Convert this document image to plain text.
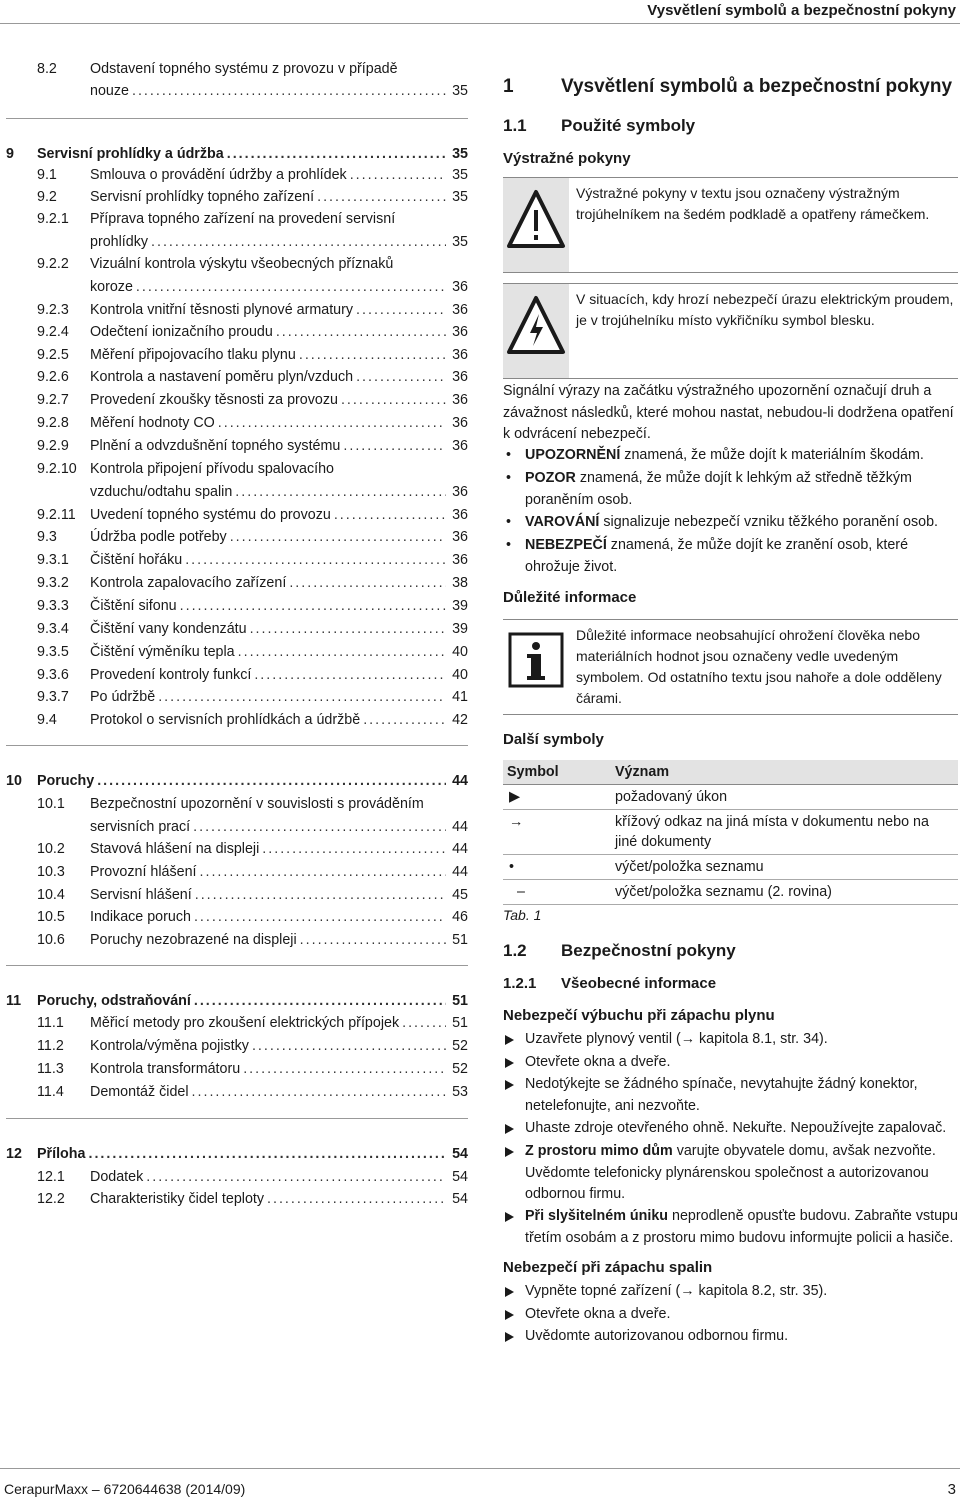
Vysvětlení symbolů a bezpečnostní pokyny
8.2 Odstavení topného systému z provozu v případě
nouze .....	35
9 Servisní prohlídky a údržba .....	35
9.1 Smlouva o provádění údržby a prohlídek .....	35
9.2 Servisní prohlídky topného zařízení .....	35
9.2.1 Příprava topného zařízení na provedení servisní
prohlídky .....	35
9.2.2 Vizuální kontrola výskytu všeobecných příznaků
koroze .....	36
9.2.3 Kontrola vnitřní těsnosti plynové armatury .....	36
9.2.4 Odečtení ionizačního proudu .....	36
9.2.5 Měření připojovacího tlaku plynu .....	36
9.2.6 Kontrola a nastavení poměru plyn/vzduch .....	36
9.2.7 Provedení zkoušky těsnosti za provozu .....	36
9.2.8 Měření hodnoty CO .....	36
9.2.9 Plnění a odvzdušnění topného systému .....	36
9.2.10 Kontrola připojení přívodu spalovacího
vzduchu/odtahu spalin .....	36
9.2.11 Uvedení topného systému do provozu .....	36
9.3 Údržba podle potřeby .....	36
9.3.1 Čištění hořáku .....	36
9.3.2 Kontrola zapalovacího zařízení .....	38
9.3.3 Čištění sifonu .....	39
9.3.4 Čištění vany kondenzátu .....	39
9.3.5 Čištění výměníku tepla .....	40
9.3.6 Provedení kontroly funkcí .....	40
9.3.7 Po údržbě .....	41
9.4 Protokol o servisních prohlídkách a údržbě .....	42
10 Poruchy .....	44
10.1 Bezpečnostní upozornění v souvislosti s prováděním
servisních prací .....	44
10.2 Stavová hlášení na displeji .....	44
10.3 Provozní hlášení .....	44
10.4 Servisní hlášení .....	45
10.5 Indikace poruch .....	46
10.6 Poruchy nezobrazené na displeji .....	51
11 Poruchy, odstraňování .....	51
11.1 Měřicí metody pro zkoušení elektrických přípojek .....	51
11.2 Kontrola/výměna pojistky .....	52
11.3 Kontrola transformátoru .....	52
11.4 Demontáž čidel .....	53
12 Příloha .....	54
12.1 Dodatek .....	54
12.2 Charakteristiky čidel teploty .....	54
1 Vysvětlení symbolů a bezpečnostní pokyny
1.1 Použité symboly
Výstražné pokyny
Výstražné pokyny v textu jsou označeny výstražným trojúhelníkem na šedém podkladě a opatřeny rámečkem.
V situacích, kdy hrozí nebezpečí úrazu elektrickým proudem, je v trojúhelníku místo vykřičníku symbol blesku.
Signální výrazy na začátku výstražného upozornění označují druh a závažnost následků, které mohou nastat, nebudou-li dodržena opatření k odvrácení nebezpečí.
• UPOZORNĚNÍ znamená, že může dojít k materiálním škodám.
• POZOR znamená, že může dojít k lehkým až středně těžkým poraněním osob.
• VAROVÁNÍ signalizuje nebezpečí vzniku těžkého poranění osob.
• NEBEZPEČÍ znamená, že může dojít ke zranění osob, které ohrožuje život.
Důležité informace
Důležité informace neobsahující ohrožení člověka nebo materiálních hodnot jsou označeny vedle uvedeným symbolem. Od ostatního textu jsou nahoře a dole odděleny čárami.
Další symboly
Symbol	Význam
▶	požadovaný úkon
→	křížový odkaz na jiná místa v dokumentu nebo na jiné dokumenty
•	výčet/položka seznamu
–	výčet/položka seznamu (2. rovina)
Tab. 1
1.2 Bezpečnostní pokyny
1.2.1 Všeobecné informace
Nebezpečí výbuchu při zápachu plynu
Uzavřete plynový ventil (→ kapitola 8.1, str. 34).
Otevřete okna a dveře.
Nedotýkejte se žádného spínače, nevytahujte žádný konektor, netelefonujte, ani nezvoňte.
Uhaste zdroje otevřeného ohně. Nekuřte. Nepoužívejte zapalovač.
Z prostoru mimo dům varujte obyvatele domu, avšak nezvoňte. Uvědomte telefonicky plynárenskou společnost a autorizovanou odbornou firmu.
Při slyšitelném úniku neprodleně opusťte budovu. Zabraňte vstupu třetím osobám a z prostoru mimo budovu informujte policii a hasiče.
Nebezpečí při zápachu spalin
Vypněte topné zařízení (→ kapitola 8.2, str. 35).
Otevřete okna a dveře.
Uvědomte autorizovanou odbornou firmu.
CerapurMaxx – 6720644638 (2014/09)	3
